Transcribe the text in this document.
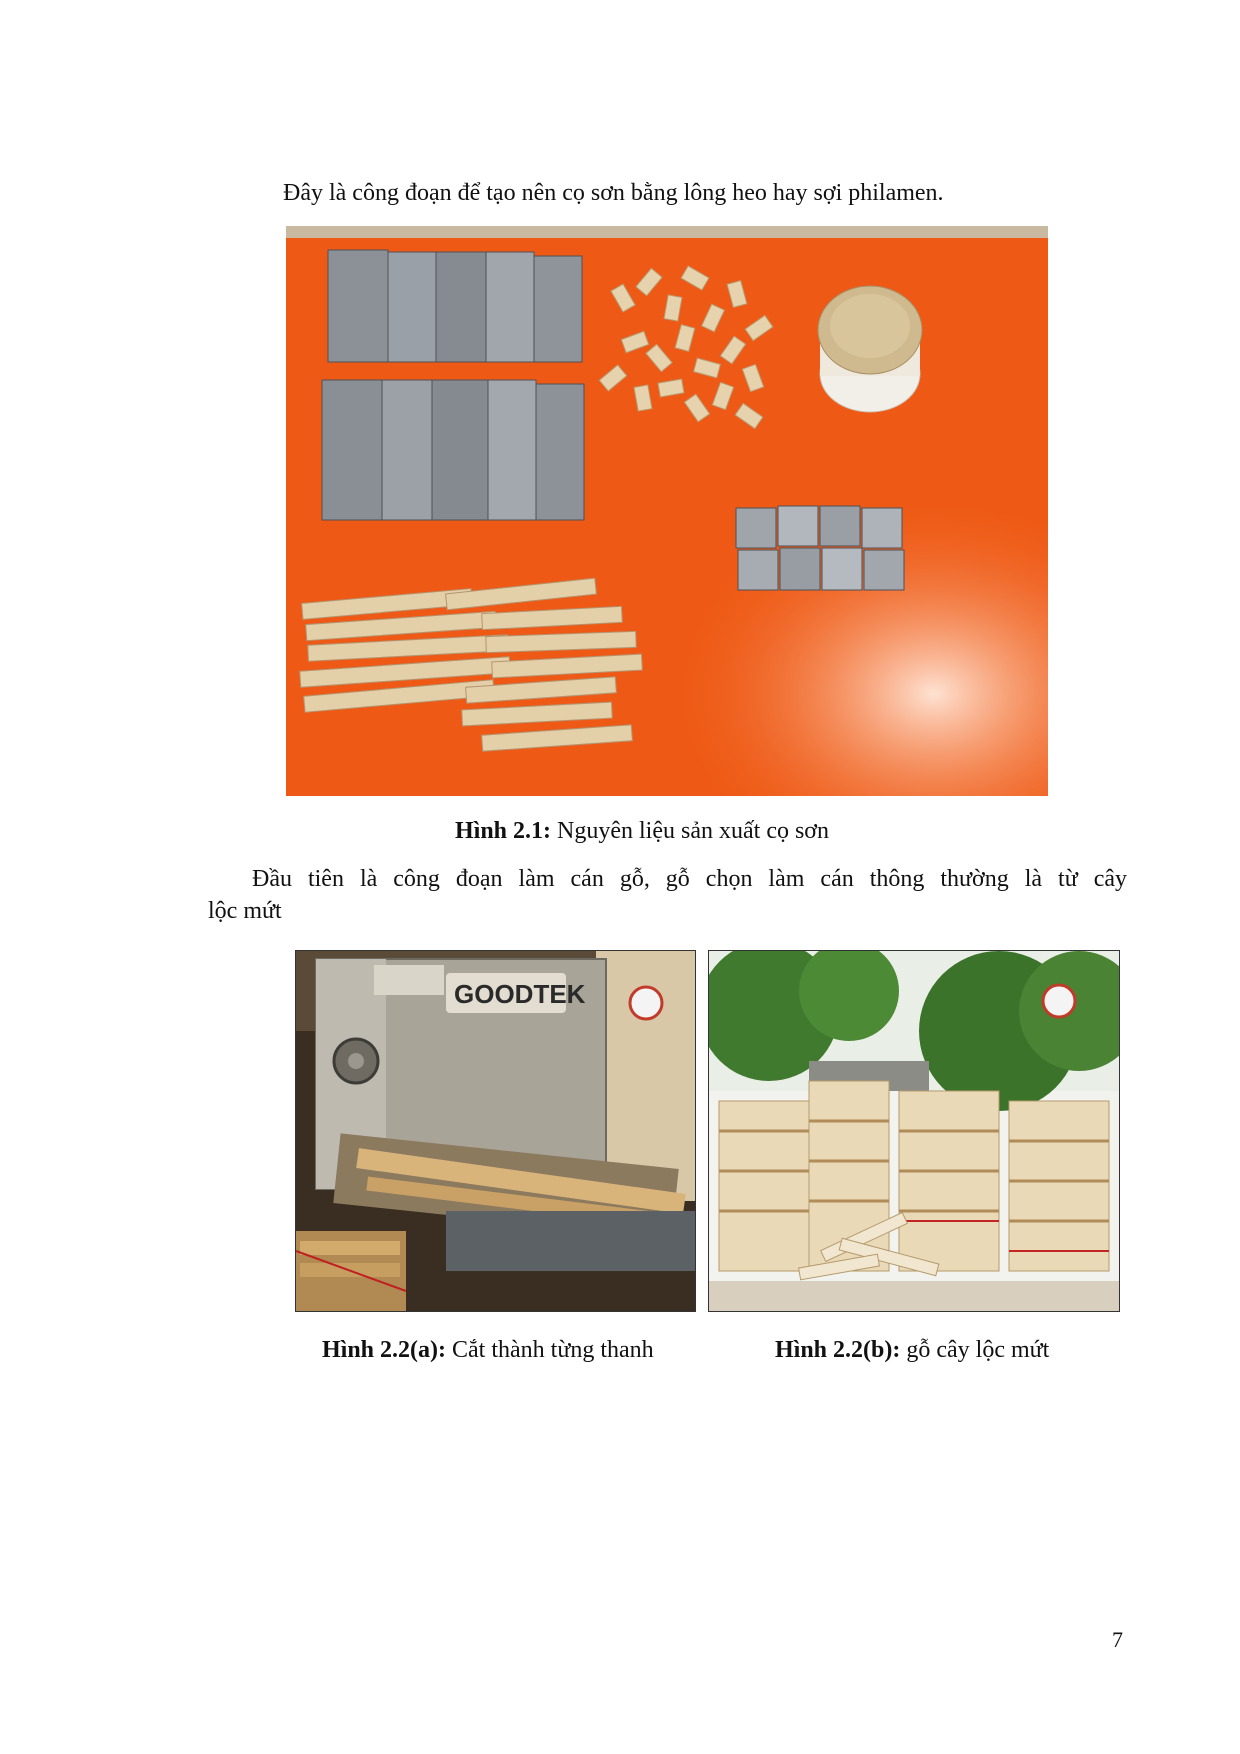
Đây là công đoạn để tạo nên cọ sơn bằng lông heo hay sợi philamen.
Hình 2.1: Nguyên liệu sản xuất cọ sơn
Đầu tiên là công đoạn làm cán gỗ, gỗ chọn làm cán thông thường là từ cây
lộc mứt
GOODTEK
Hình 2.2(a): Cắt thành từng thanh	Hình 2.2(b): gỗ cây lộc mứt
7
